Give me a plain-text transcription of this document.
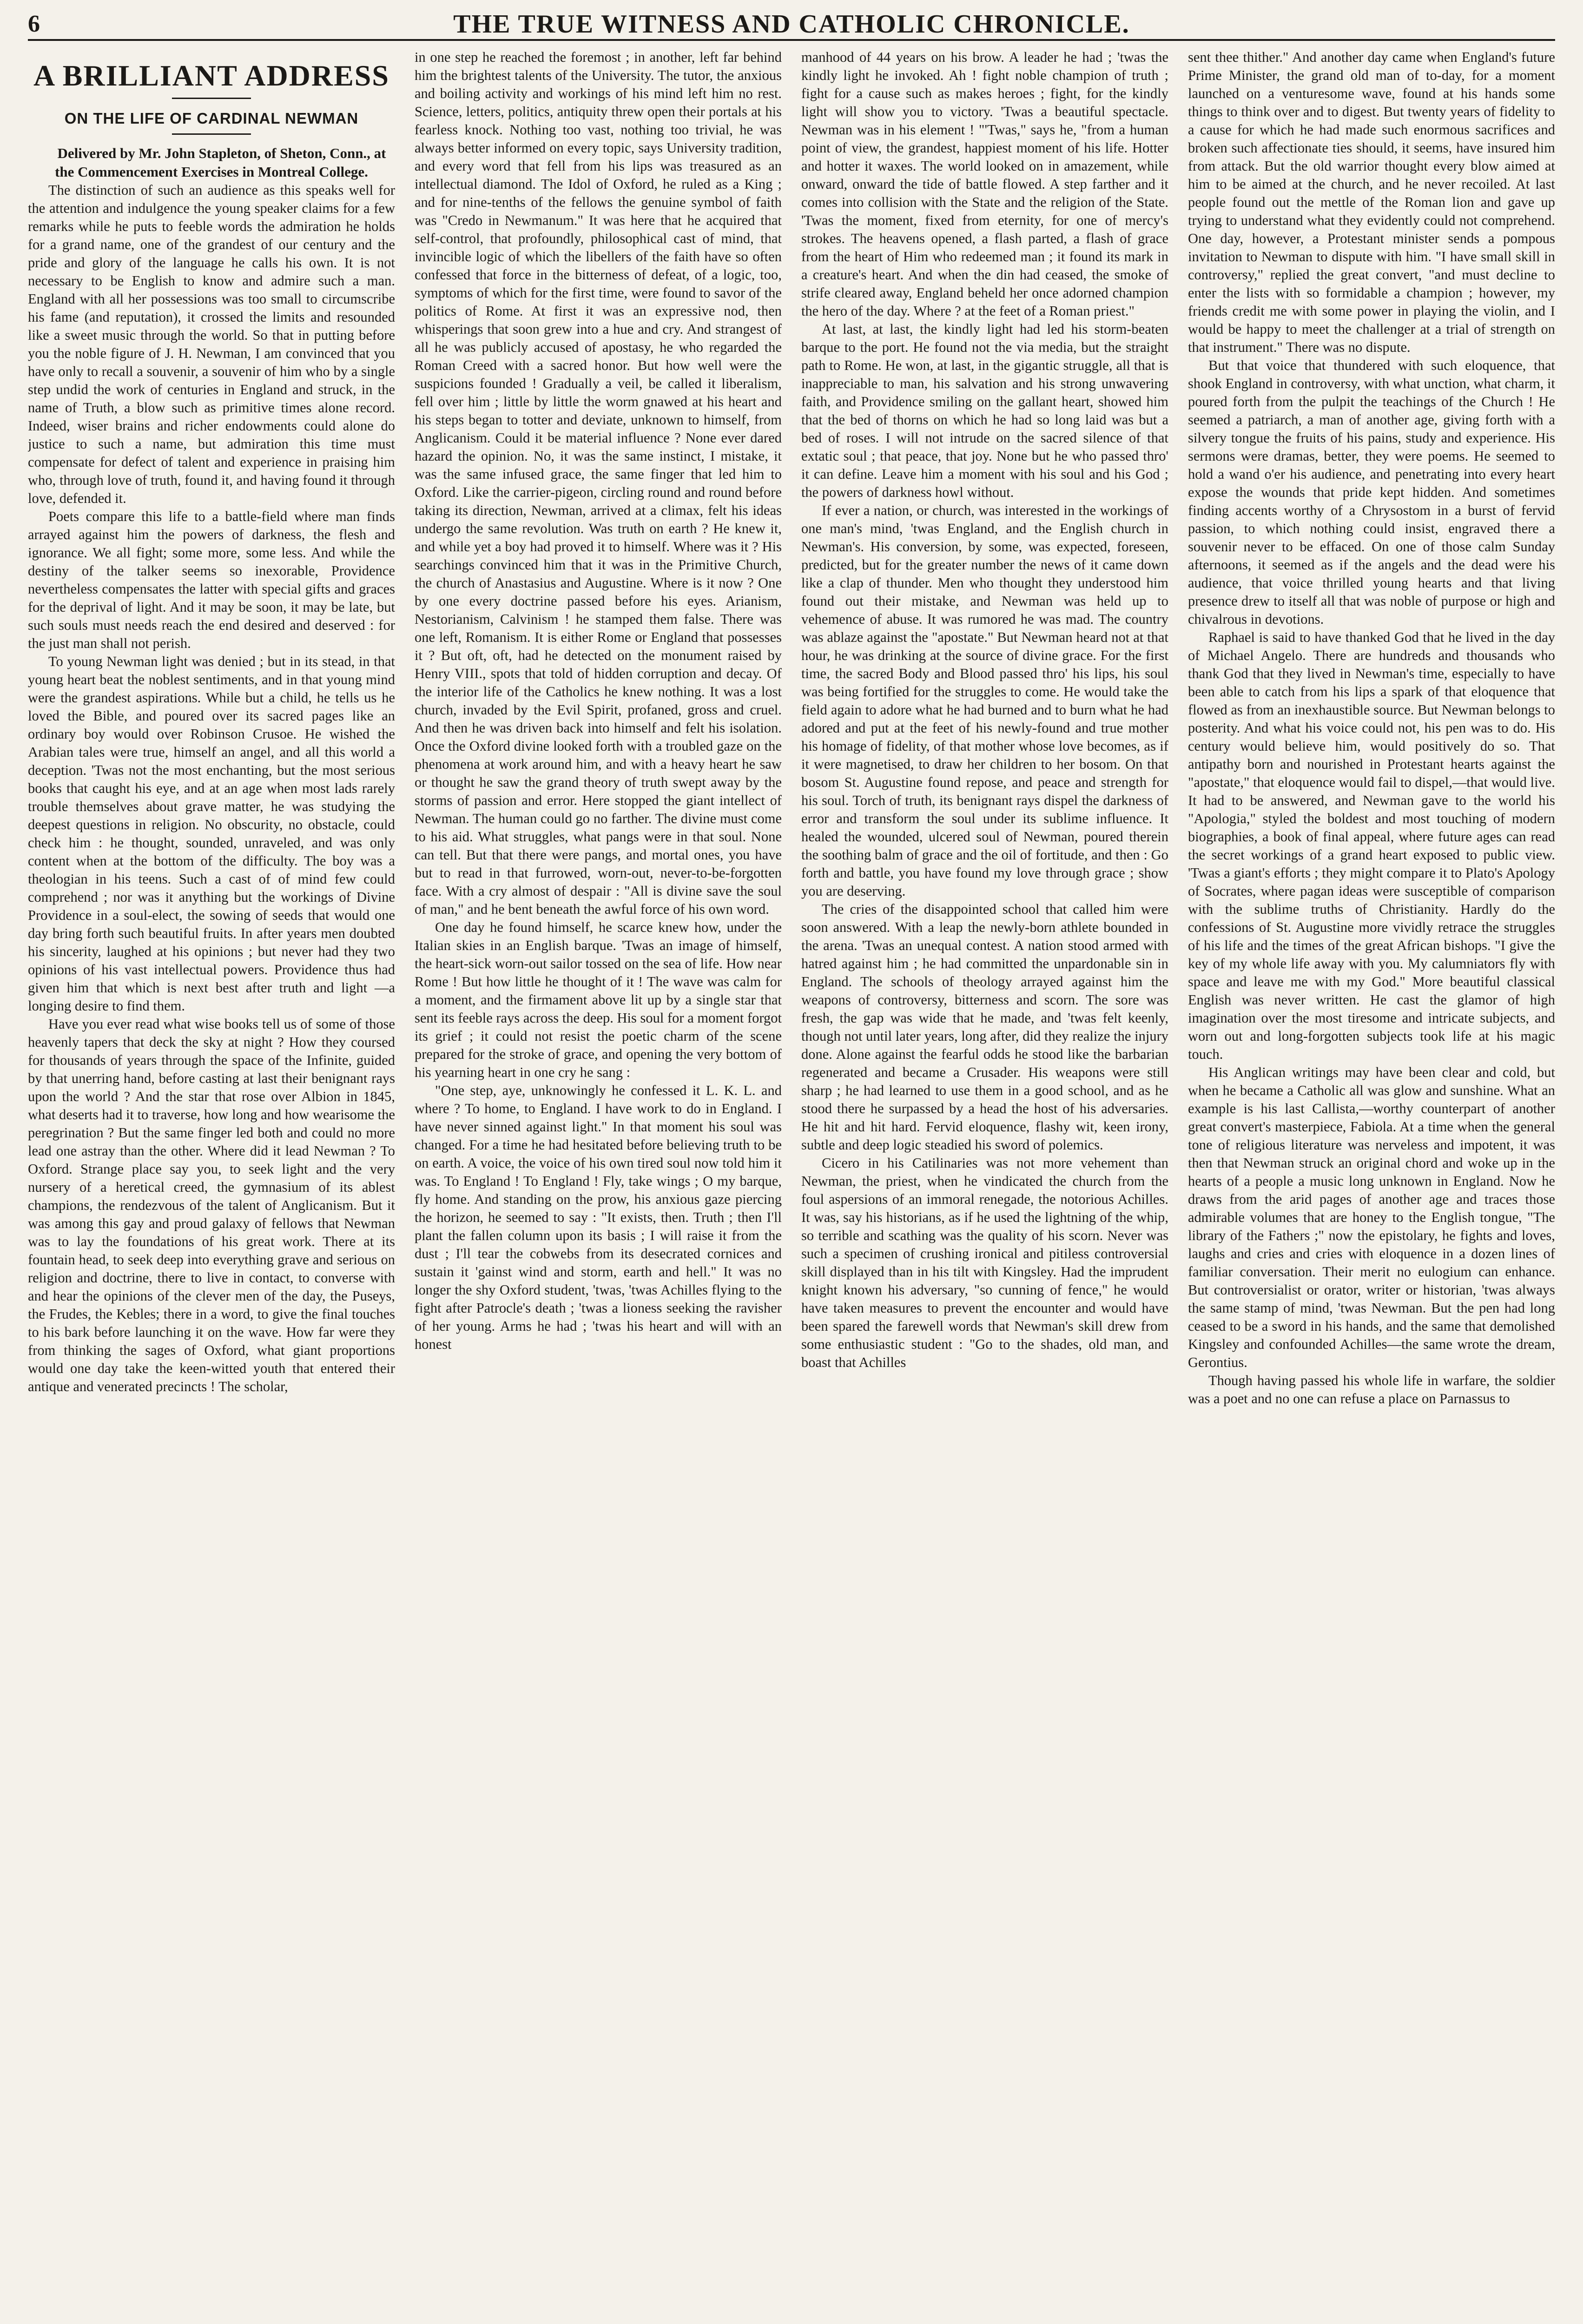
6	THE TRUE WITNESS AND CATHOLIC CHRONICLE.
A BRILLIANT ADDRESS
ON THE LIFE OF CARDINAL NEWMAN

Delivered by Mr. John Stapleton, of Sheton, Conn., at the Commencement Exercises in Montreal College.

The distinction of such an audience as this speaks well for the attention and indulgence the young speaker claims for a few remarks while he puts to feeble words the admiration he holds for a grand name, one of the grandest of our century and the pride and glory of the language he calls his own. It is not necessary to be English to know and admire such a man. England with all her possessions was too small to circumscribe his fame (and reputation), it crossed the limits and resounded like a sweet music through the world. So that in putting before you the noble figure of J. H. Newman, I am convinced that you have only to recall a souvenir, a souvenir of him who by a single step undid the work of centuries in England and struck, in the name of Truth, a blow such as primitive times alone record. Indeed, wiser brains and richer endowments could alone do justice to such a name, but admiration this time must compensate for defect of talent and experience in praising him who, through love of truth, found it, and having found it through love, defended it.

Poets compare this life to a battle-field where man finds arrayed against him the powers of darkness, the flesh and ignorance. We all fight; some more, some less. And while the destiny of the talker seems so inexorable, Providence nevertheless compensates the latter with special gifts and graces for the deprival of light. And it may be soon, it may be late, but such souls must needs reach the end desired and deserved : for the just man shall not perish.

To young Newman light was denied ; but in its stead, in that young heart beat the noblest sentiments, and in that young mind were the grandest aspirations. While but a child, he tells us he loved the Bible, and poured over its sacred pages like an ordinary boy would over Robinson Crusoe. He wished the Arabian tales were true, himself an angel, and all this world a deception. 'Twas not the most enchanting, but the most serious books that caught his eye, and at an age when most lads rarely trouble themselves about grave matter, he was studying the deepest questions in religion. No obscurity, no obstacle, could check him : he thought, sounded, unraveled, and was only content when at the bottom of the difficulty. The boy was a theologian in his teens. Such a cast of of mind few could comprehend ; nor was it anything but the workings of Divine Providence in a soul-elect, the sowing of seeds that would one day bring forth such beautiful fruits. In after years men doubted his sincerity, laughed at his opinions ; but never had they two opinions of his vast intellectual powers. Providence thus had given him that which is next best after truth and light —a longing desire to find them.

Have you ever read what wise books tell us of some of those heavenly tapers that deck the sky at night ? How they coursed for thousands of years through the space of the Infinite, guided by that unerring hand, before casting at last their benignant rays upon the world ? And the star that rose over Albion in 1845, what deserts had it to traverse, how long and how wearisome the peregrination ? But the same finger led both and could no more lead one astray than the other. Where did it lead Newman ? To Oxford. Strange place say you, to seek light and the very nursery of a heretical creed, the gymnasium of its ablest champions, the rendezvous of the talent of Anglicanism. But it was among this gay and proud galaxy of fellows that Newman was to lay the foundations of his great work. There at its fountain head, to seek deep into everything grave and serious on religion and doctrine, there to live in contact, to converse with and hear the opinions of the clever men of the day, the Puseys, the Frudes, the Kebles; there in a word, to give the final touches to his bark before launching it on the wave. How far were they from thinking the sages of Oxford, what giant proportions would one day take the keen-witted youth that entered their antique and venerated precincts ! The scholar,

in one step he reached the foremost ; in another, left far behind him the brightest talents of the University. The tutor, the anxious and boiling activity and workings of his mind left him no rest. Science, letters, politics, antiquity threw open their portals at his fearless knock. Nothing too vast, nothing too trivial, he was always better informed on every topic, says University tradition, and every word that fell from his lips was treasured as an intellectual diamond. The Idol of Oxford, he ruled as a King ; and for nine-tenths of the fellows the genuine symbol of faith was "Credo in Newmanum." It was here that he acquired that self-control, that profoundly, philosophical cast of mind, that invincible logic of which the libellers of the faith have so often confessed that force in the bitterness of defeat, of a logic, too, symptoms of which for the first time, were found to savor of the politics of Rome. At first it was an expressive nod, then whisperings that soon grew into a hue and cry. And strangest of all he was publicly accused of apostasy, he who regarded the Roman Creed with a sacred honor. But how well were the suspicions founded ! Gradually a veil, be called it liberalism, fell over him ; little by little the worm gnawed at his heart and his steps began to totter and deviate, unknown to himself, from Anglicanism. Could it be material influence ? None ever dared hazard the opinion. No, it was the same instinct, I mistake, it was the same infused grace, the same finger that led him to Oxford. Like the carrier-pigeon, circling round and round before taking its direction, Newman, arrived at a climax, felt his ideas undergo the same revolution. Was truth on earth ? He knew it, and while yet a boy had proved it to himself. Where was it ? His searchings convinced him that it was in the Primitive Church, the church of Anastasius and Augustine. Where is it now ? One by one every doctrine passed before his eyes. Arianism, Nestorianism, Calvinism ! he stamped them false. There was one left, Romanism. It is either Rome or England that possesses it ? But oft, oft, had he detected on the monument raised by Henry VIII., spots that told of hidden corruption and decay. Of the interior life of the Catholics he knew nothing. It was a lost church, invaded by the Evil Spirit, profaned, gross and cruel. And then he was driven back into himself and felt his isolation. Once the Oxford divine looked forth with a troubled gaze on the phenomena at work around him, and with a heavy heart he saw or thought he saw the grand theory of truth swept away by the storms of passion and error. Here stopped the giant intellect of Newman. The human could go no farther. The divine must come to his aid. What struggles, what pangs were in that soul. None can tell. But that there were pangs, and mortal ones, you have but to read in that furrowed, worn-out, never-to-be-forgotten face. With a cry almost of despair : "All is divine save the soul of man," and he bent beneath the awful force of his own word.

One day he found himself, he scarce knew how, under the Italian skies in an English barque. 'Twas an image of himself, the heart-sick worn-out sailor tossed on the sea of life. How near Rome ! But how little he thought of it ! The wave was calm for a moment, and the firmament above lit up by a single star that sent its feeble rays across the deep. His soul for a moment forgot its grief ; it could not resist the poetic charm of the scene prepared for the stroke of grace, and opening the very bottom of his yearning heart in one cry he sang :

"One step, aye, unknowingly he confessed it L. K. L. and where ? To home, to England. I have work to do in England. I have never sinned against light." In that moment his soul was changed. For a time he had hesitated before believing truth to be on earth. A voice, the voice of his own tired soul now told him it was. To England ! To England ! Fly, take wings ; O my barque, fly home. And standing on the prow, his anxious gaze piercing the horizon, he seemed to say : "It exists, then. Truth ; then I'll plant the fallen column upon its basis ; I will raise it from the dust ; I'll tear the cobwebs from its desecrated cornices and sustain it 'gainst wind and storm, earth and hell." It was no longer the shy Oxford student, 'twas, 'twas Achilles flying to the fight after Patrocle's death ; 'twas a lioness seeking the ravisher of her young. Arms he had ; 'twas his heart and will with an honest

manhood of 44 years on his brow. A leader he had ; 'twas the kindly light he invoked. Ah ! fight noble champion of truth ; fight for a cause such as makes heroes ; fight, for the kindly light will show you to victory. 'Twas a beautiful spectacle. Newman was in his element ! "'Twas," says he, "from a human point of view, the grandest, happiest moment of his life. Hotter and hotter it waxes. The world looked on in amazement, while onward, onward the tide of battle flowed. A step farther and it comes into collision with the State and the religion of the State. 'Twas the moment, fixed from eternity, for one of mercy's strokes. The heavens opened, a flash parted, a flash of grace from the heart of Him who redeemed man ; it found its mark in a creature's heart. And when the din had ceased, the smoke of strife cleared away, England beheld her once adorned champion the hero of the day. Where ? at the feet of a Roman priest."

At last, at last, the kindly light had led his storm-beaten barque to the port. He found not the via media, but the straight path to Rome. He won, at last, in the gigantic struggle, all that is inappreciable to man, his salvation and his strong unwavering faith, and Providence smiling on the gallant heart, showed him that the bed of thorns on which he had so long laid was but a bed of roses. I will not intrude on the sacred silence of that extatic soul ; that peace, that joy. None but he who passed thro' it can define. Leave him a moment with his soul and his God ; the powers of darkness howl without.

If ever a nation, or church, was interested in the workings of one man's mind, 'twas England, and the English church in Newman's. His conversion, by some, was expected, foreseen, predicted, but for the greater number the news of it came down like a clap of thunder. Men who thought they understood him found out their mistake, and Newman was held up to vehemence of abuse. It was rumored he was mad. The country was ablaze against the "apostate." But Newman heard not at that hour, he was drinking at the source of divine grace. For the first time, the sacred Body and Blood passed thro' his lips, his soul was being fortified for the struggles to come. He would take the field again to adore what he had burned and to burn what he had adored and put at the feet of his newly-found and true mother his homage of fidelity, of that mother whose love becomes, as if it were magnetised, to draw her children to her bosom. On that bosom St. Augustine found repose, and peace and strength for his soul. Torch of truth, its benignant rays dispel the darkness of error and transform the soul under its sublime influence. It healed the wounded, ulcered soul of Newman, poured therein the soothing balm of grace and the oil of fortitude, and then : Go forth and battle, you have found my love through grace ; show you are deserving.

The cries of the disappointed school that called him were soon answered. With a leap the newly-born athlete bounded in the arena. 'Twas an unequal contest. A nation stood armed with hatred against him ; he had committed the unpardonable sin in England. The schools of theology arrayed against him the weapons of controversy, bitterness and scorn. The sore was fresh, the gap was wide that he made, and 'twas felt keenly, though not until later years, long after, did they realize the injury done. Alone against the fearful odds he stood like the barbarian regenerated and became a Crusader. His weapons were still sharp ; he had learned to use them in a good school, and as he stood there he surpassed by a head the host of his adversaries. He hit and hit hard. Fervid eloquence, flashy wit, keen irony, subtle and deep logic steadied his sword of polemics.

Cicero in his Catilinaries was not more vehement than Newman, the priest, when he vindicated the church from the foul aspersions of an immoral renegade, the notorious Achilles. It was, say his historians, as if he used the lightning of the whip, so terrible and scathing was the quality of his scorn. Never was such a specimen of crushing ironical and pitiless controversial skill displayed than in his tilt with Kingsley. Had the imprudent knight known his adversary, "so cunning of fence," he would have taken measures to prevent the encounter and would have been spared the farewell words that Newman's skill drew from some enthusiastic student : "Go to the shades, old man, and boast that Achilles

sent thee thither." And another day came when England's future Prime Minister, the grand old man of to-day, for a moment launched on a venturesome wave, found at his hands some things to think over and to digest. But twenty years of fidelity to a cause for which he had made such enormous sacrifices and broken such affectionate ties should, it seems, have insured him from attack. But the old warrior thought every blow aimed at him to be aimed at the church, and he never recoiled. At last people found out the mettle of the Roman lion and gave up trying to understand what they evidently could not comprehend. One day, however, a Protestant minister sends a pompous invitation to Newman to dispute with him. "I have small skill in controversy," replied the great convert, "and must decline to enter the lists with so formidable a champion ; however, my friends credit me with some power in playing the violin, and I would be happy to meet the challenger at a trial of strength on that instrument." There was no dispute.

But that voice that thundered with such eloquence, that shook England in controversy, with what unction, what charm, it poured forth from the pulpit the teachings of the Church ! He seemed a patriarch, a man of another age, giving forth with a silvery tongue the fruits of his pains, study and experience. His sermons were dramas, better, they were poems. He seemed to hold a wand o'er his audience, and penetrating into every heart expose the wounds that pride kept hidden. And sometimes finding accents worthy of a Chrysostom in a burst of fervid passion, to which nothing could insist, engraved there a souvenir never to be effaced. On one of those calm Sunday afternoons, it seemed as if the angels and the dead were his audience, that voice thrilled young hearts and that living presence drew to itself all that was noble of purpose or high and chivalrous in devotions.

Raphael is said to have thanked God that he lived in the day of Michael Angelo. There are hundreds and thousands who thank God that they lived in Newman's time, especially to have been able to catch from his lips a spark of that eloquence that flowed as from an inexhaustible source. But Newman belongs to posterity. And what his voice could not, his pen was to do. His century would believe him, would positively do so. That antipathy born and nourished in Protestant hearts against the "apostate," that eloquence would fail to dispel,—that would live. It had to be answered, and Newman gave to the world his "Apologia," styled the boldest and most touching of modern biographies, a book of final appeal, where future ages can read the secret workings of a grand heart exposed to public view. 'Twas a giant's efforts ; they might compare it to Plato's Apology of Socrates, where pagan ideas were susceptible of comparison with the sublime truths of Christianity. Hardly do the confessions of St. Augustine more vividly retrace the struggles of his life and the times of the great African bishops. "I give the key of my whole life away with you. My calumniators fly with space and leave me with my God." More beautiful classical English was never written. He cast the glamor of high imagination over the most tiresome and intricate subjects, and worn out and long-forgotten subjects took life at his magic touch.

His Anglican writings may have been clear and cold, but when he became a Catholic all was glow and sunshine. What an example is his last Callista,—worthy counterpart of another great convert's masterpiece, Fabiola. At a time when the general tone of religious literature was nerveless and impotent, it was then that Newman struck an original chord and woke up in the hearts of a people a music long unknown in England. Now he draws from the arid pages of another age and traces those admirable volumes that are honey to the English tongue, "The library of the Fathers ;" now the epistolary, he fights and loves, laughs and cries and cries with eloquence in a dozen lines of familiar conversation. Their merit no eulogium can enhance. But controversialist or orator, writer or historian, 'twas always the same stamp of mind, 'twas Newman. But the pen had long ceased to be a sword in his hands, and the same that demolished Kingsley and confounded Achilles—the same wrote the dream, Gerontius.

Though having passed his whole life in warfare, the soldier was a poet and no one can refuse a place on Parnassus to
